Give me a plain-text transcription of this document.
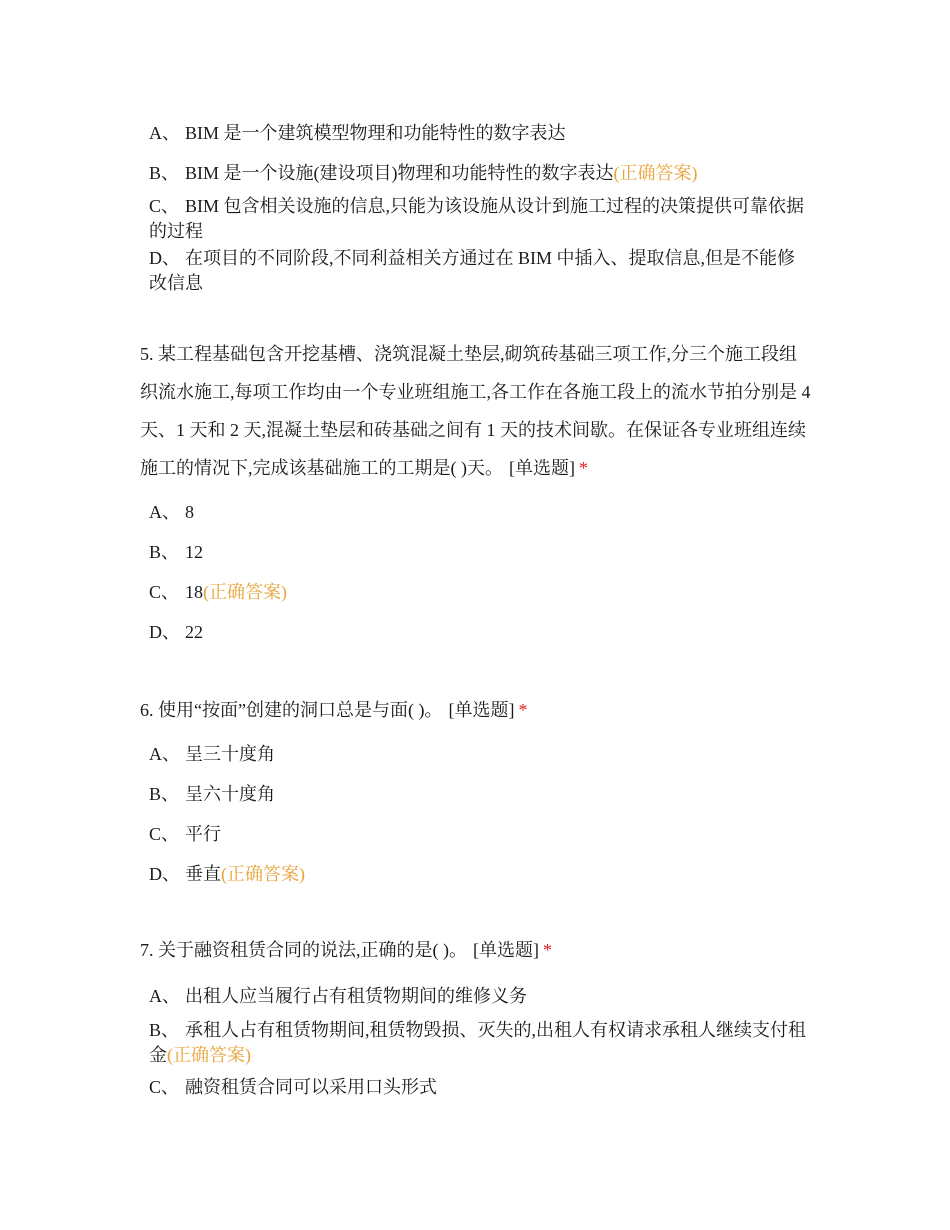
A、 BIM 是一个建筑模型物理和功能特性的数字表达
B、 BIM 是一个设施(建设项目)物理和功能特性的数字表达(正确答案)
C、 BIM 包含相关设施的信息,只能为该设施从设计到施工过程的决策提供可靠依据的过程
D、 在项目的不同阶段,不同利益相关方通过在 BIM 中插入、提取信息,但是不能修改信息
5. 某工程基础包含开挖基槽、浇筑混凝土垫层,砌筑砖基础三项工作,分三个施工段组织流水施工,每项工作均由一个专业班组施工,各工作在各施工段上的流水节拍分别是 4 天、1 天和 2 天,混凝土垫层和砖基础之间有 1 天的技术间歇。在保证各专业班组连续施工的情况下,完成该基础施工的工期是( )天。 [单选题] *
A、 8
B、 12
C、 18(正确答案)
D、 22
6. 使用“按面”创建的洞口总是与面( )。 [单选题] *
A、 呈三十度角
B、 呈六十度角
C、 平行
D、 垂直(正确答案)
7. 关于融资租赁合同的说法,正确的是( )。 [单选题] *
A、 出租人应当履行占有租赁物期间的维修义务
B、 承租人占有租赁物期间,租赁物毁损、灭失的,出租人有权请求承租人继续支付租金(正确答案)
C、 融资租赁合同可以采用口头形式
